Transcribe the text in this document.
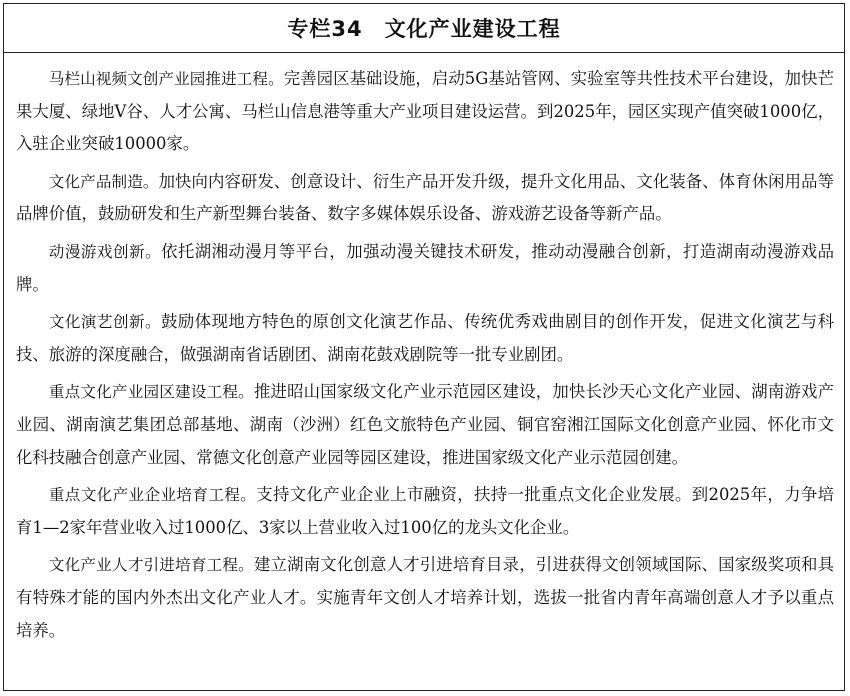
专栏34 文化产业建设工程

马栏山视频文创产业园推进工程。完善园区基础设施，启动5G基站管网、实验室等共性技术平台建设，加快芒果大厦、绿地V谷、人才公寓、马栏山信息港等重大产业项目建设运营。到2025年，园区实现产值突破1000亿，入驻企业突破10000家。

文化产品制造。加快向内容研发、创意设计、衍生产品开发升级，提升文化用品、文化装备、体育休闲用品等品牌价值，鼓励研发和生产新型舞台装备、数字多媒体娱乐设备、游戏游艺设备等新产品。

动漫游戏创新。依托湖湘动漫月等平台，加强动漫关键技术研发，推动动漫融合创新，打造湖南动漫游戏品牌。

文化演艺创新。鼓励体现地方特色的原创文化演艺作品、传统优秀戏曲剧目的创作开发，促进文化演艺与科技、旅游的深度融合，做强湖南省话剧团、湖南花鼓戏剧院等一批专业剧团。

重点文化产业园区建设工程。推进昭山国家级文化产业示范园区建设，加快长沙天心文化产业园、湖南游戏产业园、湖南演艺集团总部基地、湖南（沙洲）红色文旅特色产业园、铜官窑湘江国际文化创意产业园、怀化市文化科技融合创意产业园、常德文化创意产业园等园区建设，推进国家级文化产业示范园创建。

重点文化产业企业培育工程。支持文化产业企业上市融资，扶持一批重点文化企业发展。到2025年，力争培育1—2家年营业收入过1000亿、3家以上营业收入过100亿的龙头文化企业。

文化产业人才引进培育工程。建立湖南文化创意人才引进培育目录，引进获得文创领域国际、国家级奖项和具有特殊才能的国内外杰出文化产业人才。实施青年文创人才培养计划，选拔一批省内青年高端创意人才予以重点培养。
